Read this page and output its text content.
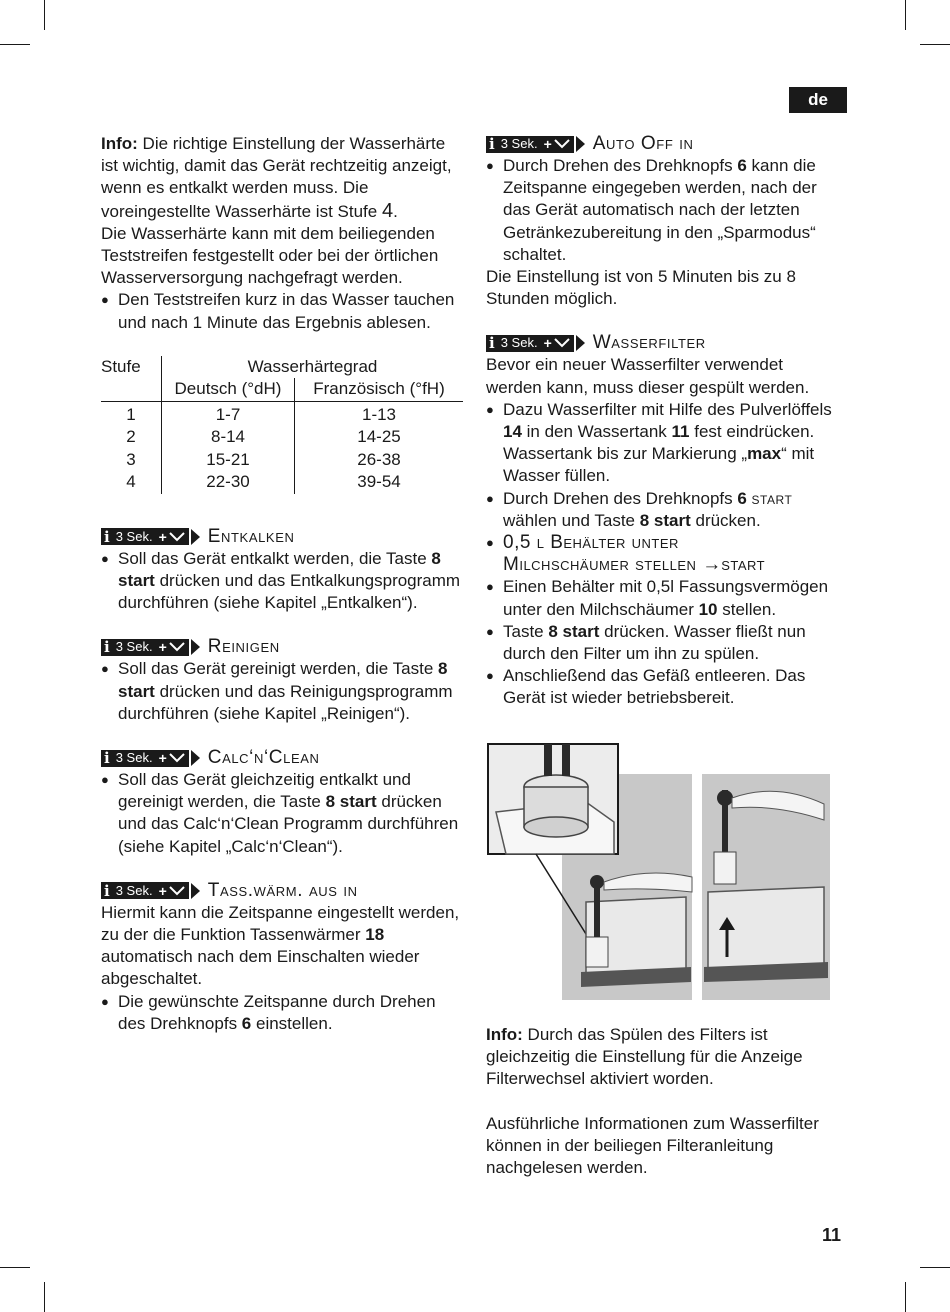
de

Info: Die richtige Einstellung der Wasserhärte ist wichtig, damit das Gerät rechtzeitig anzeigt, wenn es entkalkt werden muss. Die voreingestellte Wasserhärte ist Stufe 4.

Die Wasserhärte kann mit dem beiliegenden Teststreifen festgestellt oder bei der örtlichen Wasserversorgung nachgefragt werden.

● Den Teststreifen kurz in das Wasser tauchen und nach 1 Minute das Ergebnis ablesen.
Stufe	Wasserhärtegrad	
	Deutsch (°dH)	Französisch (°fH)
1	1-7	1-13
2	8-14	14-25
3	15-21	26-38
4	22-30	39-54
i 3 Sek. + Entkalken
● Soll das Gerät entkalkt werden, die Taste 8 start drücken und das Entkalkungsprogramm durchführen (siehe Kapitel „Entkalken“).
i 3 Sek. + Reinigen
● Soll das Gerät gereinigt werden, die Taste 8 start drücken und das Reinigungsprogramm durchführen (siehe Kapitel „Reinigen“).
i 3 Sek. + Calc‘n‘Clean
● Soll das Gerät gleichzeitig entkalkt und gereinigt werden, die Taste 8 start drücken und das Calc‘n‘Clean Programm durchführen (siehe Kapitel „Calc‘n‘Clean“).
i 3 Sek. + Tass.wärm. aus in

Hiermit kann die Zeitspanne eingestellt werden, zu der die Funktion Tassenwärmer 18 automatisch nach dem Einschalten wieder abgeschaltet.

● Die gewünschte Zeitspanne durch Drehen des Drehknopfs 6 einstellen.
i 3 Sek. + Auto Off in
● Durch Drehen des Drehknopfs 6 kann die Zeitspanne eingegeben werden, nach der das Gerät automatisch nach der letzten Getränkezubereitung in den „Sparmodus“ schaltet.

Die Einstellung ist von 5 Minuten bis zu 8 Stunden möglich.

i 3 Sek. + Wasserfilter

Bevor ein neuer Wasserfilter verwendet werden kann, muss dieser gespült werden.

● Dazu Wasserfilter mit Hilfe des Pulverlöffels 14 in den Wassertank 11 fest eindrücken. Wassertank bis zur Markierung „max“ mit Wasser füllen.
● Durch Drehen des Drehknopfs 6 start wählen und Taste 8 start drücken.
● 0,5 l Behälter unter
Milchschäumer stellen →start
● Einen Behälter mit 0,5l Fassungsvermögen unter den Milchschäumer 10 stellen.
● Taste 8 start drücken. Wasser fließt nun durch den Filter um ihn zu spülen.
● Anschließend das Gefäß entleeren. Das Gerät ist wieder betriebsbereit.

Info: Durch das Spülen des Filters ist gleichzeitig die Einstellung für die Anzeige Filterwechsel aktiviert worden.

Ausführliche Informationen zum Wasserfilter können in der beiliegen Filteranleitung nachgelesen werden.

11
